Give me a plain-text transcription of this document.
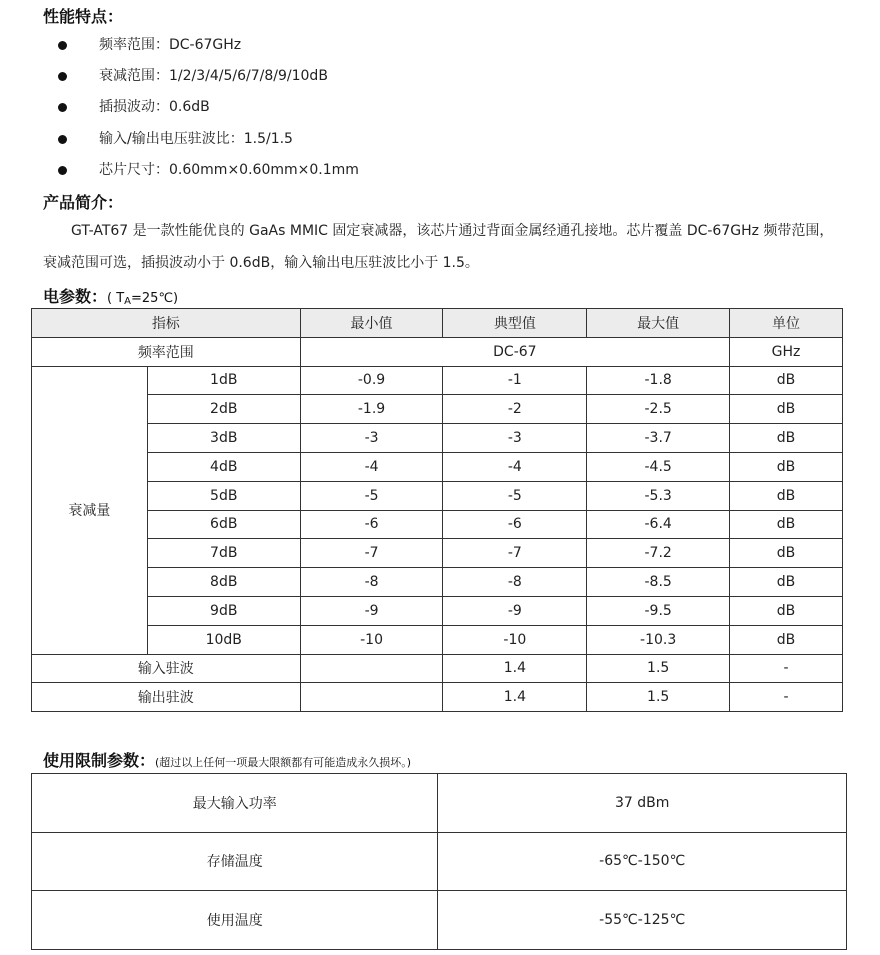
性能特点：
频率范围：DC-67GHz
衰减范围：1/2/3/4/5/6/7/8/9/10dB
插损波动：0.6dB
输入/输出电压驻波比：1.5/1.5
芯片尺寸：0.60mm×0.60mm×0.1mm
产品简介：
GT-AT67 是一款性能优良的 GaAs MMIC 固定衰减器，该芯片通过背面金属经通孔接地。芯片覆盖 DC-67GHz 频带范围，衰减范围可选，插损波动小于 0.6dB，输入输出电压驻波比小于 1.5。
电参数：( $T_A=25℃$)
指标		最小值	典型值	最大值	单位
频率范围		DC-67			GHz
衰减量	1dB	-0.9	-1	-1.8	dB
	2dB	-1.9	-2	-2.5	dB
	3dB	-3	-3	-3.7	dB
	4dB	-4	-4	-4.5	dB
	5dB	-5	-5	-5.3	dB
	6dB	-6	-6	-6.4	dB
	7dB	-7	-7	-7.2	dB
	8dB	-8	-8	-8.5	dB
	9dB	-9	-9	-9.5	dB
	10dB	-10	-10	-10.3	dB
输入驻波			1.4	1.5	-
输出驻波			1.4	1.5	-
使用限制参数：(超过以上任何一项最大限额都有可能造成永久损坏。)
最大输入功率	37 dBm
存储温度	-65℃-150℃
使用温度	-55℃-125℃
